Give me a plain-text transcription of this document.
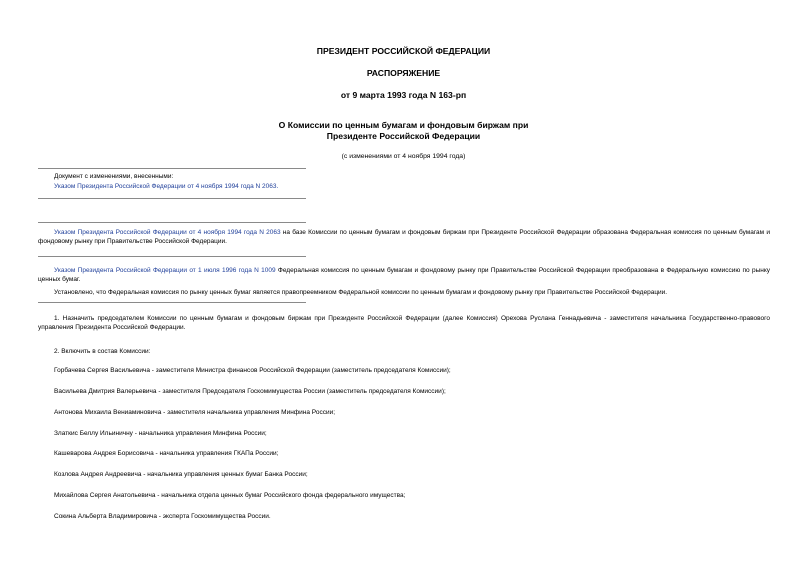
ПРЕЗИДЕНТ РОССИЙСКОЙ ФЕДЕРАЦИИ
РАСПОРЯЖЕНИЕ
от 9 марта 1993 года N 163-рп
О Комиссии по ценным бумагам и фондовым биржам при
Президенте Российской Федерации
(с изменениями от 4 ноября 1994 года)
Документ с изменениями, внесенными:
Указом Президента Российской Федерации от 4 ноября 1994 года N 2063.
Указом Президента Российской Федерации от 4 ноября 1994 года N 2063 на базе Комиссии по ценным бумагам и фондовым биржам при Президенте Российской Федерации образована Федеральная комиссия по ценным бумагам и фондовому рынку при Правительстве Российской Федерации.
Указом Президента Российской Федерации от 1 июля 1996 года N 1009 Федеральная комиссия по ценным бумагам и фондовому рынку при Правительстве Российской Федерации преобразована в Федеральную комиссию по рынку ценных бумаг.
Установлено, что Федеральная комиссия по рынку ценных бумаг является правопреемником Федеральной комиссии по ценным бумагам и фондовому рынку при Правительстве Российской Федерации.
1. Назначить председателем Комиссии по ценным бумагам и фондовым биржам при Президенте Российской Федерации (далее Комиссия) Орехова Руслана Геннадьевича - заместителя начальника Государственно-правового управления Президента Российской Федерации.
2. Включить в состав Комиссии:
Горбачева Сергея Васильевича - заместителя Министра финансов Российской Федерации (заместитель председателя Комиссии);
Васильева Дмитрия Валерьевича - заместителя Председателя Госкомимущества России (заместитель председателя Комиссии);
Антонова Михаила Вениаминовича - заместителя начальника управления Минфина России;
Златкис Беллу Ильиничну - начальника управления Минфина России;
Кашеварова Андрея Борисовича - начальника управления ГКАПа России;
Козлова Андрея Андреевича - начальника управления ценных бумаг Банка России;
Михайлова Сергея Анатольевича - начальника отдела ценных бумаг Российского фонда федерального имущества;
Сокина Альберта Владимировича - эксперта Госкомимущества России.
